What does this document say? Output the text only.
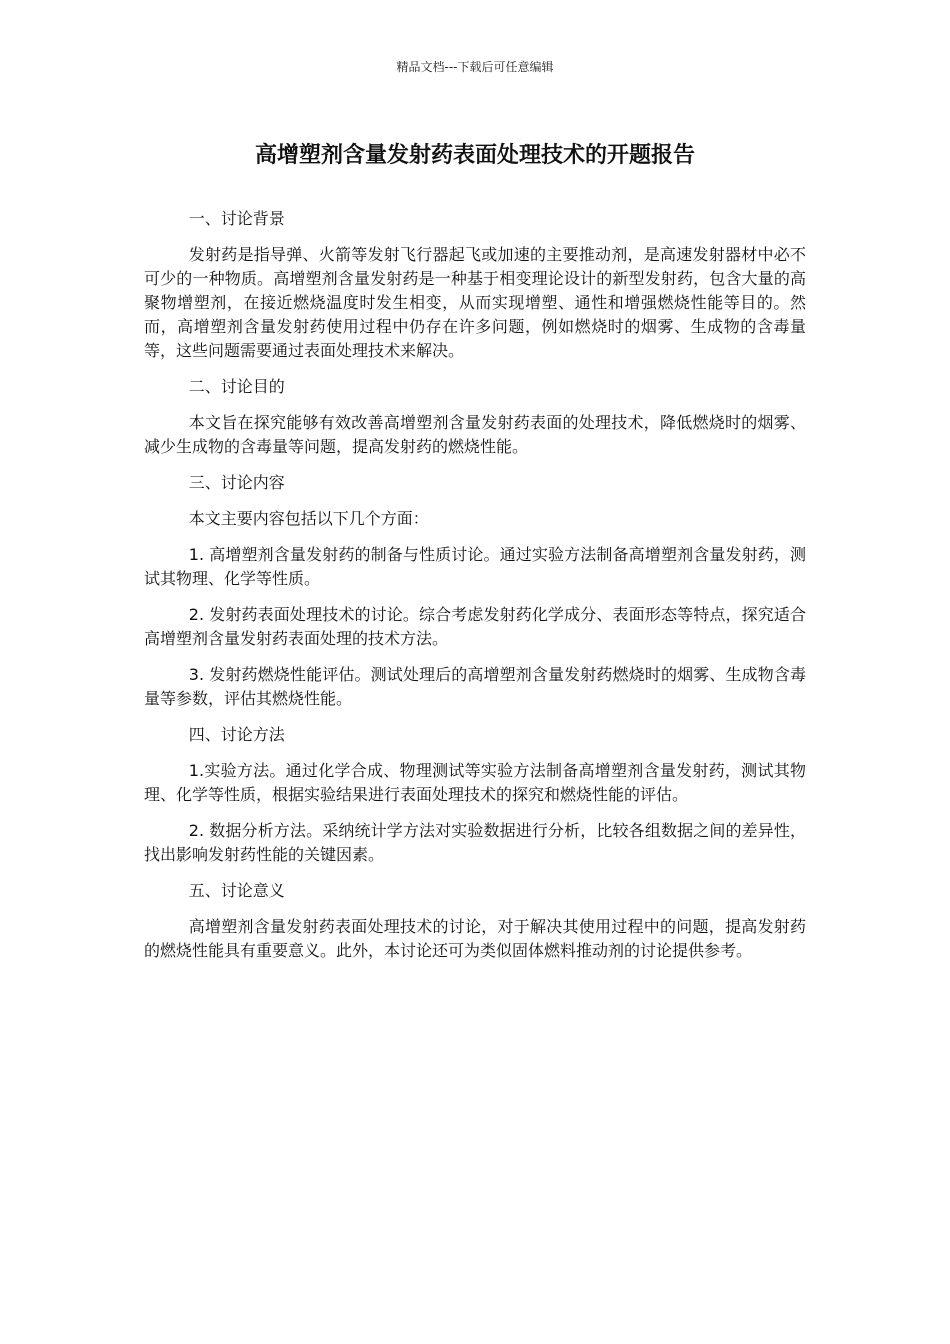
精品文档---下载后可任意编辑
高增塑剂含量发射药表面处理技术的开题报告

一、讨论背景

发射药是指导弹、火箭等发射飞行器起飞或加速的主要推动剂，是高速发射器材中必不可少的一种物质。高增塑剂含量发射药是一种基于相变理论设计的新型发射药，包含大量的高聚物增塑剂，在接近燃烧温度时发生相变，从而实现增塑、通性和增强燃烧性能等目的。然而，高增塑剂含量发射药使用过程中仍存在许多问题，例如燃烧时的烟雾、生成物的含毒量等，这些问题需要通过表面处理技术来解决。

二、讨论目的

本文旨在探究能够有效改善高增塑剂含量发射药表面的处理技术，降低燃烧时的烟雾、减少生成物的含毒量等问题，提高发射药的燃烧性能。

三、讨论内容

本文主要内容包括以下几个方面：

1. 高增塑剂含量发射药的制备与性质讨论。通过实验方法制备高增塑剂含量发射药，测试其物理、化学等性质。

2. 发射药表面处理技术的讨论。综合考虑发射药化学成分、表面形态等特点，探究适合高增塑剂含量发射药表面处理的技术方法。

3. 发射药燃烧性能评估。测试处理后的高增塑剂含量发射药燃烧时的烟雾、生成物含毒量等参数，评估其燃烧性能。

四、讨论方法

1.实验方法。通过化学合成、物理测试等实验方法制备高增塑剂含量发射药，测试其物理、化学等性质，根据实验结果进行表面处理技术的探究和燃烧性能的评估。

2. 数据分析方法。采纳统计学方法对实验数据进行分析，比较各组数据之间的差异性，找出影响发射药性能的关键因素。

五、讨论意义

高增塑剂含量发射药表面处理技术的讨论，对于解决其使用过程中的问题，提高发射药的燃烧性能具有重要意义。此外，本讨论还可为类似固体燃料推动剂的讨论提供参考。
